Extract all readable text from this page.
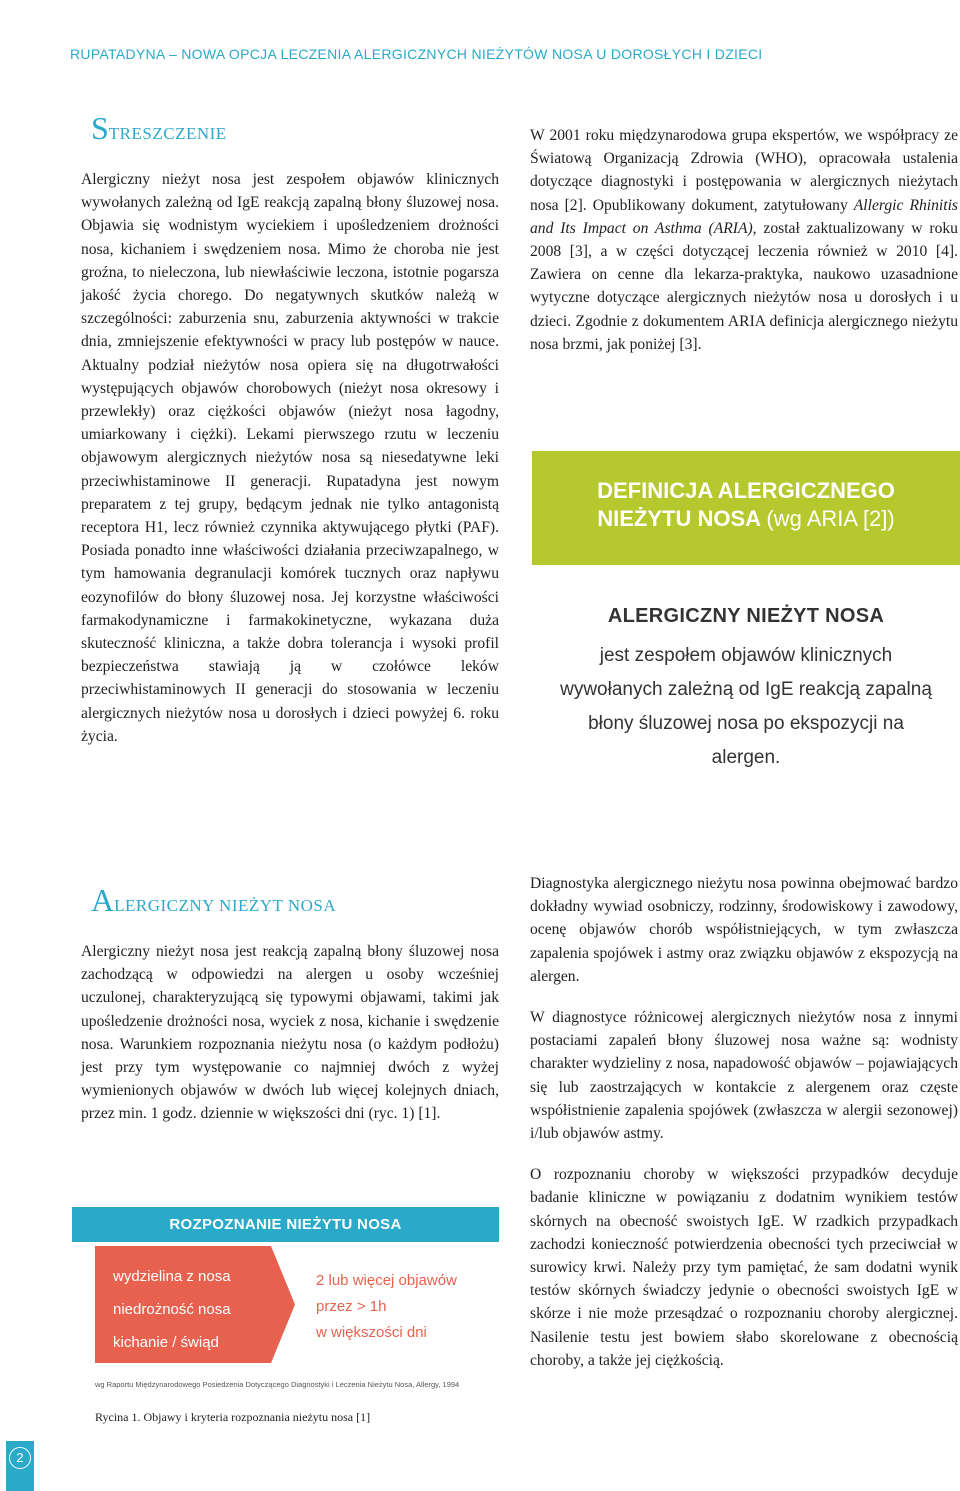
RUPATADYNA – NOWA OPCJA LECZENIA ALERGICZNYCH NIEŻYTÓW NOSA U DOROSŁYCH I DZIECI
STRESZCZENIE

Alergiczny nieżyt nosa jest zespołem objawów klinicznych wywołanych zależną od IgE reakcją zapalną błony śluzowej nosa. Objawia się wodnistym wyciekiem i upośledzeniem drożności nosa, kichaniem i swędzeniem nosa. Mimo że choroba nie jest groźna, to nieleczona, lub niewłaściwie leczona, istotnie pogarsza jakość życia chorego. Do negatywnych skutków należą w szczególności: zaburzenia snu, zaburzenia aktywności w trakcie dnia, zmniejszenie efektywności w pracy lub postępów w nauce. Aktualny podział nieżytów nosa opiera się na długotrwałości występujących objawów chorobowych (nieżyt nosa okresowy i przewlekły) oraz ciężkości objawów (nieżyt nosa łagodny, umiarkowany i ciężki). Lekami pierwszego rzutu w leczeniu objawowym alergicznych nieżytów nosa są niesedatywne leki przeciwhistaminowe II generacji. Rupatadyna jest nowym preparatem z tej grupy, będącym jednak nie tylko antagonistą receptora H1, lecz również czynnika aktywującego płytki (PAF). Posiada ponadto inne właściwości działania przeciwzapalnego, w tym hamowania degranulacji komórek tucznych oraz napływu eozynofilów do błony śluzowej nosa. Jej korzystne właściwości farmakodynamiczne i farmakokinetyczne, wykazana duża skuteczność kliniczna, a także dobra tolerancja i wysoki profil bezpieczeństwa stawiają ją w czołówce leków przeciwhistaminowych II generacji do stosowania w leczeniu alergicznych nieżytów nosa u dorosłych i dzieci powyżej 6. roku życia.

W 2001 roku międzynarodowa grupa ekspertów, we współpracy ze Światową Organizacją Zdrowia (WHO), opracowała ustalenia dotyczące diagnostyki i postępowania w alergicznych nieżytach nosa [2]. Opublikowany dokument, zatytułowany Allergic Rhinitis and Its Impact on Asthma (ARIA), został zaktualizowany w roku 2008 [3], a w części dotyczącej leczenia również w 2010 [4]. Zawiera on cenne dla lekarza-praktyka, naukowo uzasadnione wytyczne dotyczące alergicznych nieżytów nosa u dorosłych i u dzieci. Zgodnie z dokumentem ARIA definicja alergicznego nieżytu nosa brzmi, jak poniżej [3].

DEFINICJA ALERGICZNEGO
NIEŻYTU NOSA (wg ARIA [2])
ALERGICZNY NIEŻYT NOSA
jest zespołem objawów klinicznych wywołanych zależną od IgE reakcją zapalną błony śluzowej nosa po ekspozycji na alergen.
ALERGICZNY NIEŻYT NOSA

Alergiczny nieżyt nosa jest reakcją zapalną błony śluzowej nosa zachodzącą w odpowiedzi na alergen u osoby wcześniej uczulonej, charakteryzującą się typowymi objawami, takimi jak upośledzenie drożności nosa, wyciek z nosa, kichanie i swędzenie nosa. Warunkiem rozpoznania nieżytu nosa (o każdym podłożu) jest przy tym występowanie co najmniej dwóch z wyżej wymienionych objawów w dwóch lub więcej kolejnych dniach, przez min. 1 godz. dziennie w większości dni (ryc. 1) [1].

ROZPOZNANIE NIEŻYTU NOSA
wydzielina z nosa
niedrożność nosa
kichanie / świąd
2 lub więcej objawów
przez > 1h
w większości dni
wg Raportu Międzynarodowego Posiedzenia Dotyczącego Diagnostyki i Leczenia Nieżytu Nosa, Allergy, 1994
Rycina 1. Objawy i kryteria rozpoznania nieżytu nosa [1]

Diagnostyka alergicznego nieżytu nosa powinna obejmować bardzo dokładny wywiad osobniczy, rodzinny, środowiskowy i zawodowy, ocenę objawów chorób współistniejących, w tym zwłaszcza zapalenia spojówek i astmy oraz związku objawów z ekspozycją na alergen.

W diagnostyce różnicowej alergicznych nieżytów nosa z innymi postaciami zapaleń błony śluzowej nosa ważne są: wodnisty charakter wydzieliny z nosa, napadowość objawów – pojawiających się lub zaostrzających w kontakcie z alergenem oraz częste współistnienie zapalenia spojówek (zwłaszcza w alergii sezonowej) i/lub objawów astmy.

O rozpoznaniu choroby w większości przypadków decyduje badanie kliniczne w powiązaniu z dodatnim wynikiem testów skórnych na obecność swoistych IgE. W rzadkich przypadkach zachodzi konieczność potwierdzenia obecności tych przeciwciał w surowicy krwi. Należy przy tym pamiętać, że sam dodatni wynik testów skórnych świadczy jedynie o obecności swoistych IgE w skórze i nie może przesądzać o rozpoznaniu choroby alergicznej. Nasilenie testu jest bowiem słabo skorelowane z obecnością choroby, a także jej ciężkością.

2
